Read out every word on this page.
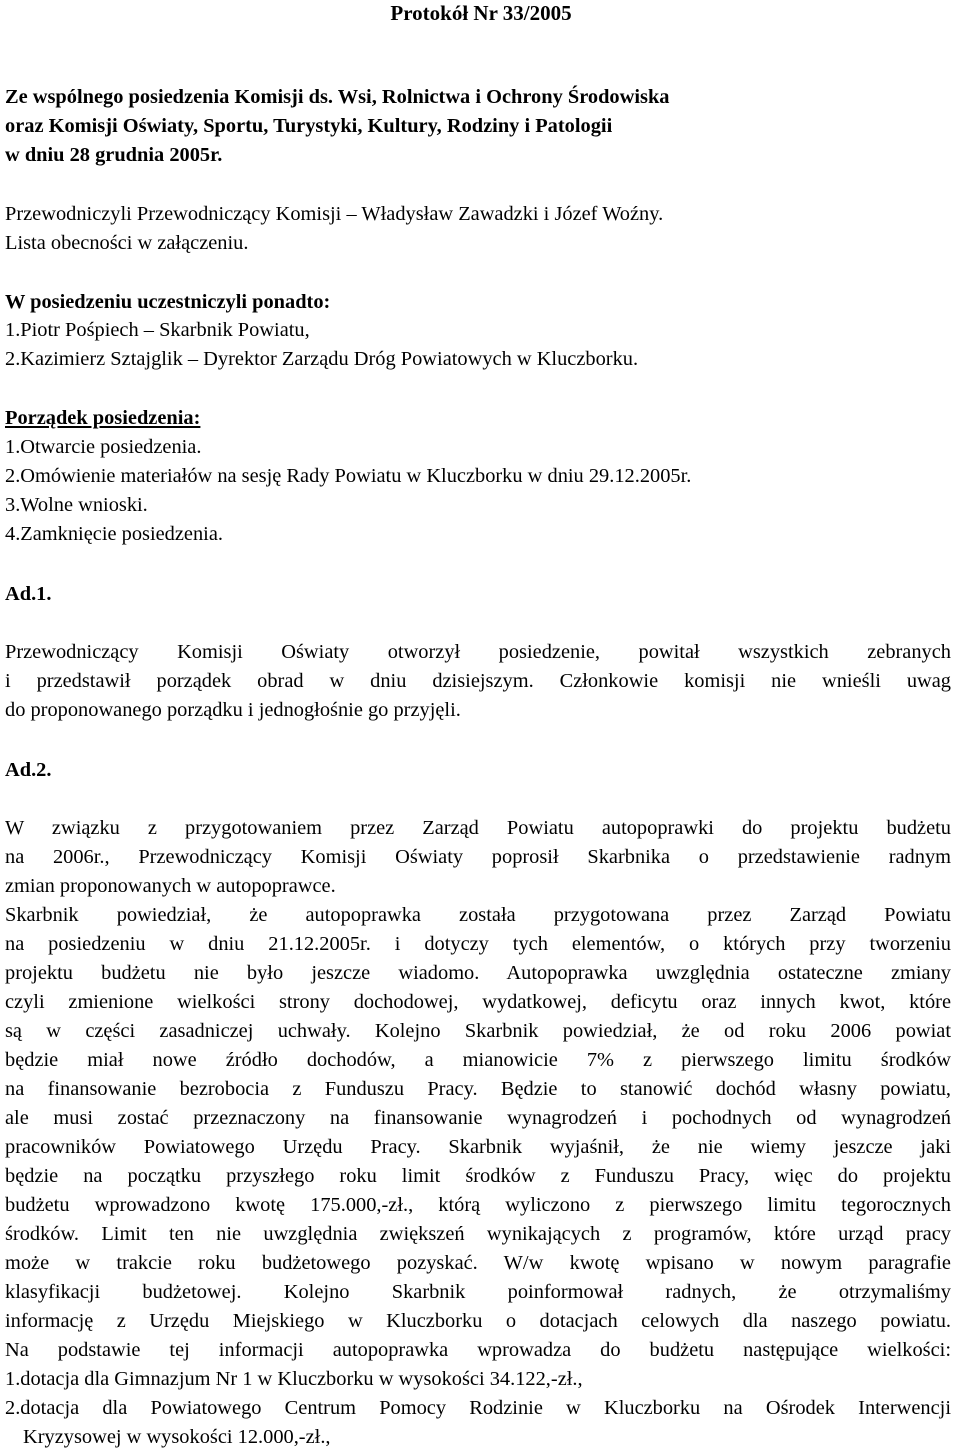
Protokół Nr 33/2005
Ze wspólnego posiedzenia Komisji ds. Wsi, Rolnictwa i Ochrony Środowiska
oraz Komisji Oświaty, Sportu, Turystyki, Kultury, Rodziny i Patologii
w dniu 28 grudnia 2005r.
Przewodniczyli Przewodniczący Komisji – Władysław Zawadzki i Józef Woźny.
Lista obecności w załączeniu.
W posiedzeniu uczestniczyli ponadto:
1.Piotr Pośpiech – Skarbnik Powiatu,
2.Kazimierz Sztajglik – Dyrektor Zarządu Dróg Powiatowych w Kluczborku.
Porządek posiedzenia:
1.Otwarcie posiedzenia.
2.Omówienie materiałów na sesję Rady Powiatu w Kluczborku w dniu 29.12.2005r.
3.Wolne wnioski.
4.Zamknięcie posiedzenia.
Ad.1.
Przewodniczący Komisji Oświaty otworzył posiedzenie, powitał wszystkich zebranych
i przedstawił porządek obrad w dniu dzisiejszym. Członkowie komisji nie wnieśli uwag
do proponowanego porządku i jednogłośnie go przyjęli.
Ad.2.
W związku z przygotowaniem przez Zarząd Powiatu autopoprawki do projektu budżetu
na 2006r., Przewodniczący Komisji Oświaty poprosił Skarbnika o przedstawienie radnym
zmian proponowanych w autopoprawce.
Skarbnik powiedział, że autopoprawka została przygotowana przez Zarząd Powiatu
na posiedzeniu w dniu 21.12.2005r. i dotyczy tych elementów, o których przy tworzeniu
projektu budżetu nie było jeszcze wiadomo. Autopoprawka uwzględnia ostateczne zmiany
czyli zmienione wielkości strony dochodowej, wydatkowej, deficytu oraz innych kwot, które
są w części zasadniczej uchwały. Kolejno Skarbnik powiedział, że od roku 2006 powiat
będzie miał nowe źródło dochodów, a mianowicie 7% z pierwszego limitu środków
na finansowanie bezrobocia z Funduszu Pracy. Będzie to stanowić dochód własny powiatu,
ale musi zostać przeznaczony na finansowanie wynagrodzeń i pochodnych od wynagrodzeń
pracowników Powiatowego Urzędu Pracy. Skarbnik wyjaśnił, że nie wiemy jeszcze jaki
będzie na początku przyszłego roku limit środków z Funduszu Pracy, więc do projektu
budżetu wprowadzono kwotę 175.000,-zł., którą wyliczono z pierwszego limitu tegorocznych
środków. Limit ten nie uwzględnia zwiększeń wynikających z programów, które urząd pracy
może w trakcie roku budżetowego pozyskać. W/w kwotę wpisano w nowym paragrafie
klasyfikacji budżetowej. Kolejno Skarbnik poinformował radnych, że otrzymaliśmy
informację z Urzędu Miejskiego w Kluczborku o dotacjach celowych dla naszego powiatu.
Na podstawie tej informacji autopoprawka wprowadza do budżetu następujące wielkości:
1.dotacja dla Gimnazjum Nr 1 w Kluczborku w wysokości 34.122,-zł.,
2.dotacja dla Powiatowego Centrum Pomocy Rodzinie w Kluczborku na Ośrodek Interwencji
Kryzysowej w wysokości 12.000,-zł.,
